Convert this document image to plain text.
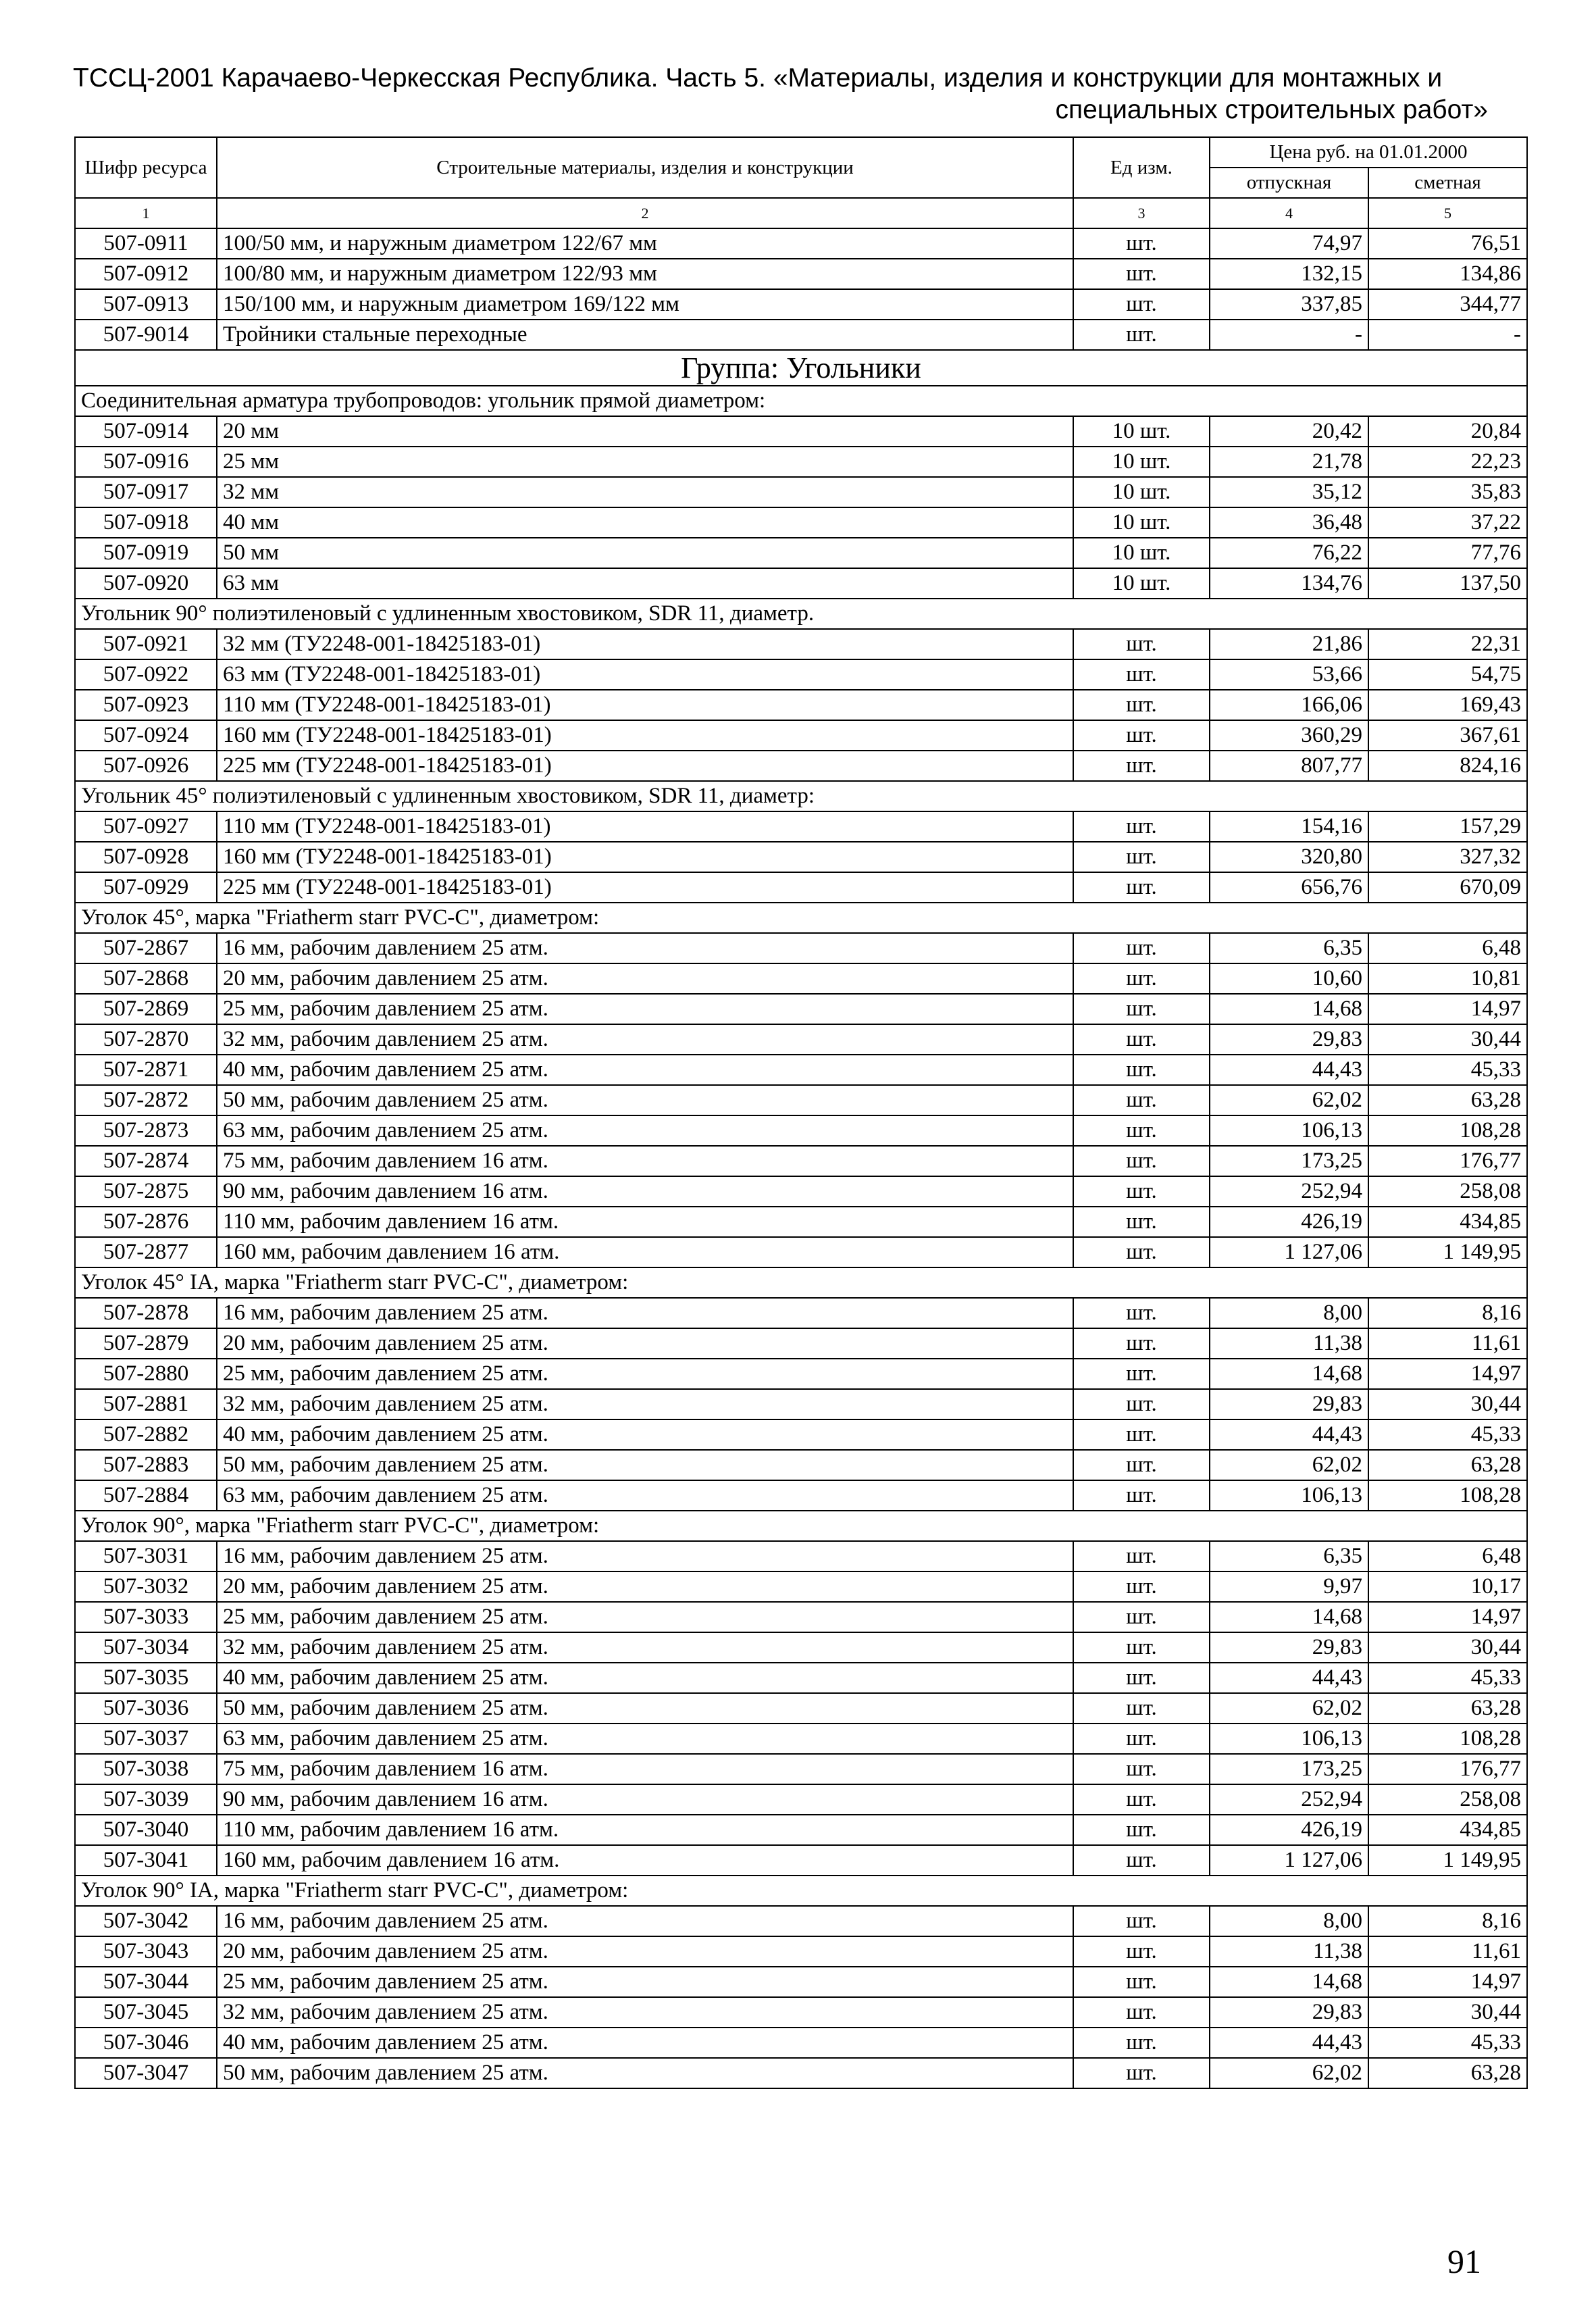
ТССЦ-2001 Карачаево-Черкесская Республика. Часть 5. «Материалы, изделия и конструкции для монтажных и
специальных строительных работ»
Шифр ресурса	Строительные материалы, изделия и конструкции	Ед изм.	Цена руб. на 01.01.2000	
			отпускная	сметная
1	2	3	4	5
507-0911	100/50 мм, и наружным диаметром 122/67 мм	шт.	74,97	76,51
507-0912	100/80 мм, и наружным диаметром 122/93 мм	шт.	132,15	134,86
507-0913	150/100 мм, и наружным диаметром 169/122 мм	шт.	337,85	344,77
507-9014	Тройники стальные переходные	шт.	-	-
Группа: Угольники				
Соединительная арматура трубопроводов: угольник прямой диаметром:				
507-0914	20 мм	10 шт.	20,42	20,84
507-0916	25 мм	10 шт.	21,78	22,23
507-0917	32 мм	10 шт.	35,12	35,83
507-0918	40 мм	10 шт.	36,48	37,22
507-0919	50 мм	10 шт.	76,22	77,76
507-0920	63 мм	10 шт.	134,76	137,50
Угольник 90° полиэтиленовый с удлиненным хвостовиком, SDR 11, диаметр.				
507-0921	32 мм (ТУ2248-001-18425183-01)	шт.	21,86	22,31
507-0922	63 мм (ТУ2248-001-18425183-01)	шт.	53,66	54,75
507-0923	110 мм (ТУ2248-001-18425183-01)	шт.	166,06	169,43
507-0924	160 мм (ТУ2248-001-18425183-01)	шт.	360,29	367,61
507-0926	225 мм (ТУ2248-001-18425183-01)	шт.	807,77	824,16
Угольник 45° полиэтиленовый с удлиненным хвостовиком, SDR 11, диаметр:				
507-0927	110 мм (ТУ2248-001-18425183-01)	шт.	154,16	157,29
507-0928	160 мм (ТУ2248-001-18425183-01)	шт.	320,80	327,32
507-0929	225 мм (ТУ2248-001-18425183-01)	шт.	656,76	670,09
Уголок 45°, марка "Friatherm starr PVC-C", диаметром:				
507-2867	16 мм, рабочим давлением 25 атм.	шт.	6,35	6,48
507-2868	20 мм, рабочим давлением 25 атм.	шт.	10,60	10,81
507-2869	25 мм, рабочим давлением 25 атм.	шт.	14,68	14,97
507-2870	32 мм, рабочим давлением 25 атм.	шт.	29,83	30,44
507-2871	40 мм, рабочим давлением 25 атм.	шт.	44,43	45,33
507-2872	50 мм, рабочим давлением 25 атм.	шт.	62,02	63,28
507-2873	63 мм, рабочим давлением 25 атм.	шт.	106,13	108,28
507-2874	75 мм, рабочим давлением 16 атм.	шт.	173,25	176,77
507-2875	90 мм, рабочим давлением 16 атм.	шт.	252,94	258,08
507-2876	110 мм, рабочим давлением 16 атм.	шт.	426,19	434,85
507-2877	160 мм, рабочим давлением 16 атм.	шт.	1 127,06	1 149,95
Уголок 45° IA, марка "Friatherm starr PVC-C", диаметром:				
507-2878	16 мм, рабочим давлением 25 атм.	шт.	8,00	8,16
507-2879	20 мм, рабочим давлением 25 атм.	шт.	11,38	11,61
507-2880	25 мм, рабочим давлением 25 атм.	шт.	14,68	14,97
507-2881	32 мм, рабочим давлением 25 атм.	шт.	29,83	30,44
507-2882	40 мм, рабочим давлением 25 атм.	шт.	44,43	45,33
507-2883	50 мм, рабочим давлением 25 атм.	шт.	62,02	63,28
507-2884	63 мм, рабочим давлением 25 атм.	шт.	106,13	108,28
Уголок 90°, марка "Friatherm starr PVC-C", диаметром:				
507-3031	16 мм, рабочим давлением 25 атм.	шт.	6,35	6,48
507-3032	20 мм, рабочим давлением 25 атм.	шт.	9,97	10,17
507-3033	25 мм, рабочим давлением 25 атм.	шт.	14,68	14,97
507-3034	32 мм, рабочим давлением 25 атм.	шт.	29,83	30,44
507-3035	40 мм, рабочим давлением 25 атм.	шт.	44,43	45,33
507-3036	50 мм, рабочим давлением 25 атм.	шт.	62,02	63,28
507-3037	63 мм, рабочим давлением 25 атм.	шт.	106,13	108,28
507-3038	75 мм, рабочим давлением 16 атм.	шт.	173,25	176,77
507-3039	90 мм, рабочим давлением 16 атм.	шт.	252,94	258,08
507-3040	110 мм, рабочим давлением 16 атм.	шт.	426,19	434,85
507-3041	160 мм, рабочим давлением 16 атм.	шт.	1 127,06	1 149,95
Уголок 90° IA, марка "Friatherm starr PVC-C", диаметром:				
507-3042	16 мм, рабочим давлением 25 атм.	шт.	8,00	8,16
507-3043	20 мм, рабочим давлением 25 атм.	шт.	11,38	11,61
507-3044	25 мм, рабочим давлением 25 атм.	шт.	14,68	14,97
507-3045	32 мм, рабочим давлением 25 атм.	шт.	29,83	30,44
507-3046	40 мм, рабочим давлением 25 атм.	шт.	44,43	45,33
507-3047	50 мм, рабочим давлением 25 атм.	шт.	62,02	63,28
91
